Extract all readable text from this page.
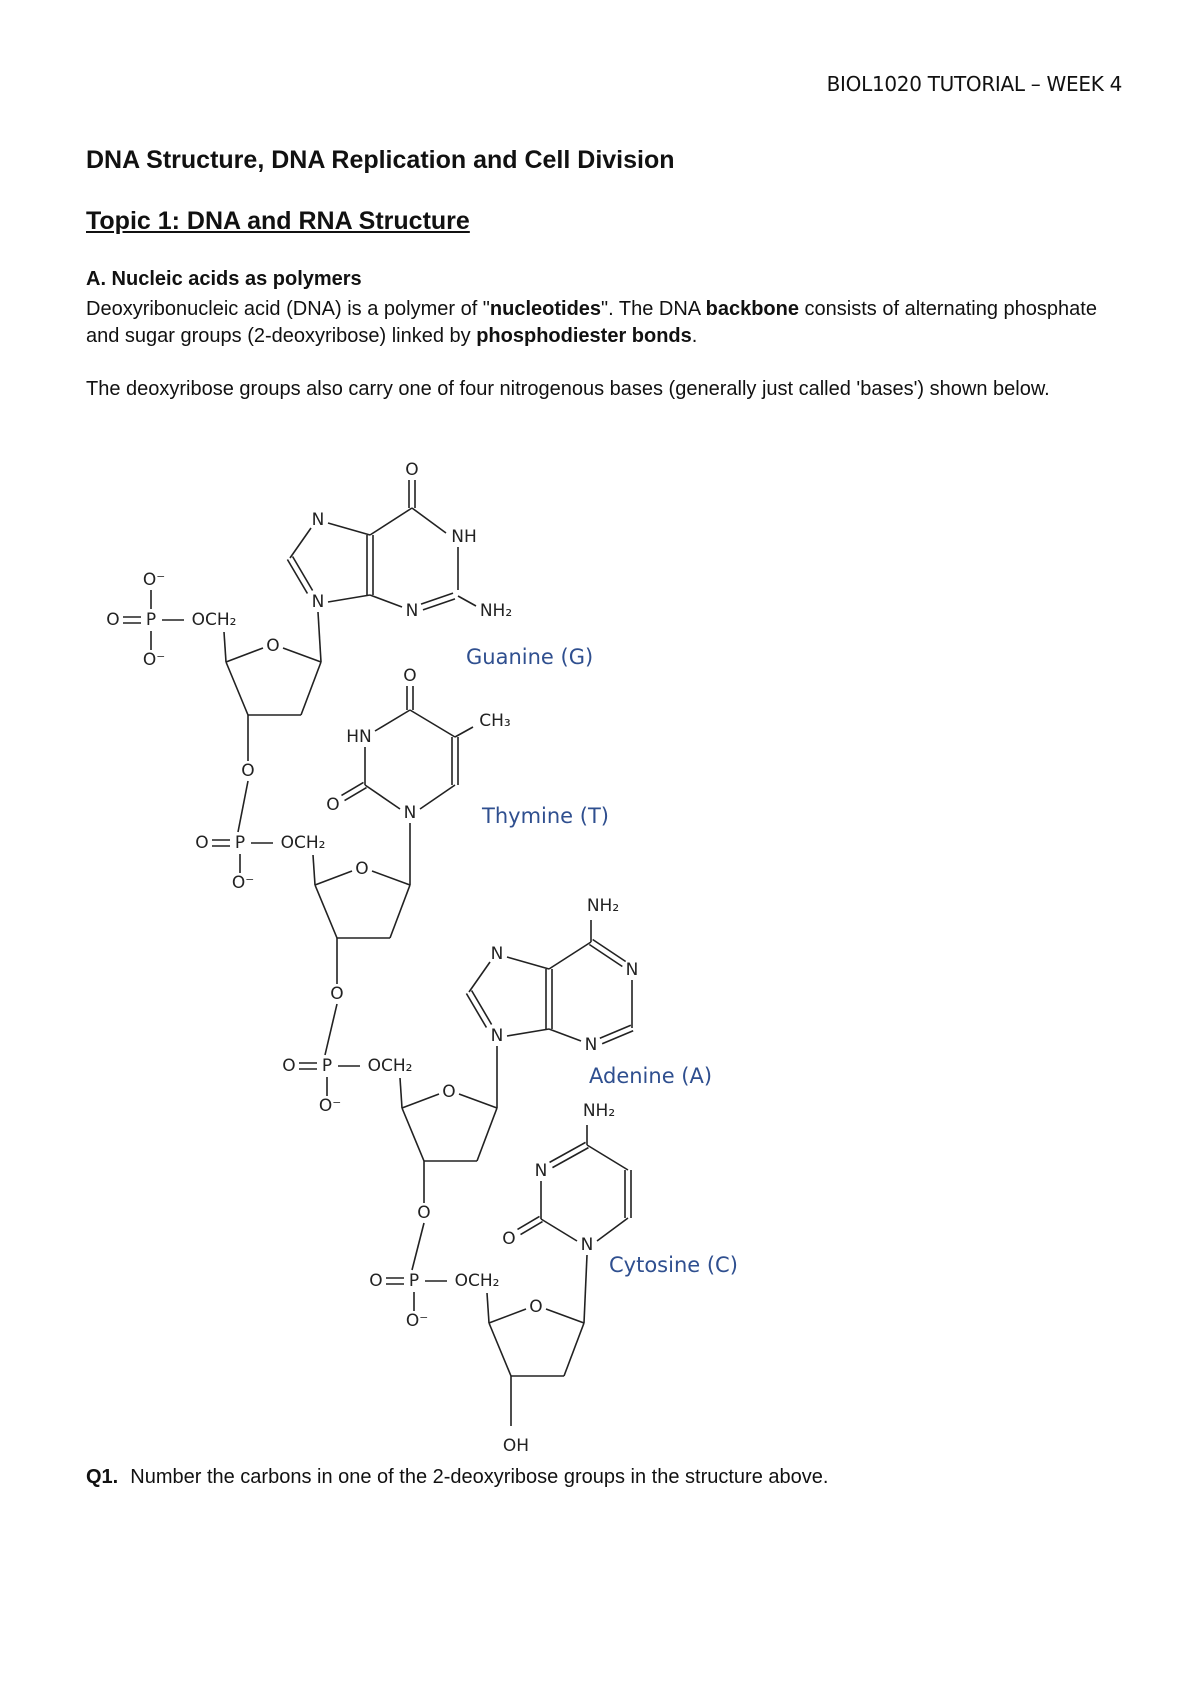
BIOL1020 TUTORIAL – WEEK 4
DNA Structure, DNA Replication and Cell Division
Topic 1: DNA and RNA Structure
A. Nucleic acids as polymers

Deoxyribonucleic acid (DNA) is a polymer of "nucleotides". The DNA backbone consists of alternating phosphate and sugar groups (2-deoxyribose) linked by phosphodiester bonds.

The deoxyribose groups also carry one of four nitrogenous bases (generally just called 'bases') shown below.

P
O
O⁻
O⁻
OCH₂
O
P
O
O⁻
OCH₂
O
P
O
O⁻
OCH₂
O
P
O
O⁻
OCH₂
O
O
O
O
OH
N
N
O
NH
N	NH₂
N
O
HN
O
CH₃
N
N
NH₂
N
N
N
O
N
NH₂
Guanine (G)
Thymine (T)
Adenine (A)
Cytosine (C)
Q1. Number the carbons in one of the 2-deoxyribose groups in the structure above.
